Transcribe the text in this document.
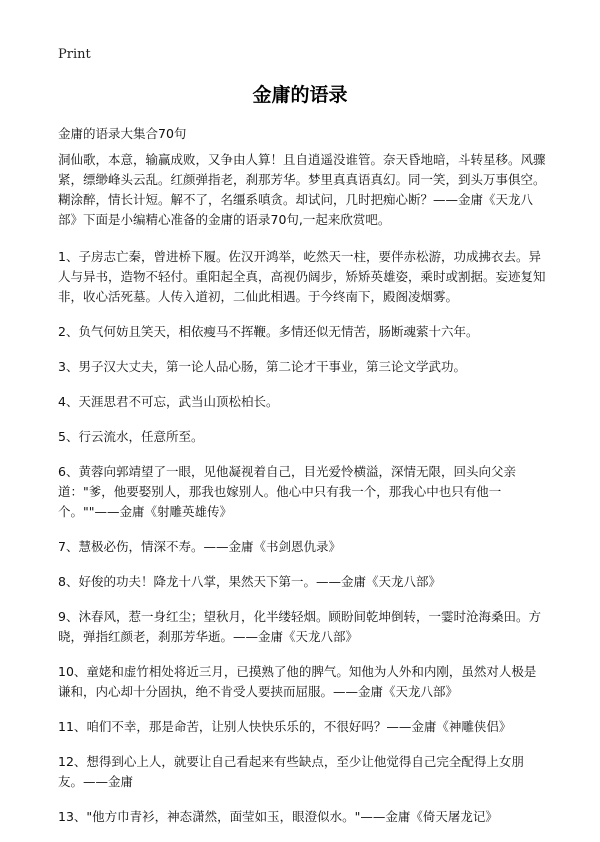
Print
金庸的语录

金庸的语录大集合70句

洞仙歌，本意，输赢成败，又争由人算！且自逍遥没谁管。奈天昏地暗，斗转星移。风骤紧，缥缈峰头云乱。红颜弹指老，刹那芳华。梦里真真语真幻。同一笑，到头万事俱空。糊涂醉，情长计短。解不了，名缰系嗔贪。却试问，几时把痴心断？——金庸《天龙八部》下面是小编精心准备的金庸的语录70句,一起来欣赏吧。

1、子房志亡秦，曾进桥下履。佐汉开鸿举，屹然天一柱，要伴赤松游，功成拂衣去。异人与异书，造物不轻付。重阳起全真，高视仍阔步，矫矫英雄姿，乘时或割据。妄迹复知非，收心活死墓。人传入道初，二仙此相遇。于今终南下，殿阁凌烟雾。

2、负气何妨且笑天，相依瘦马不挥鞭。多情还似无情苦，肠断魂萦十六年。

3、男子汉大丈夫，第一论人品心肠，第二论才干事业，第三论文学武功。

4、天涯思君不可忘，武当山顶松柏长。

5、行云流水，任意所至。

6、黄蓉向郭靖望了一眼，见他凝视着自己，目光爱怜横溢，深情无限，回头向父亲道："爹，他要娶别人，那我也嫁别人。他心中只有我一个，那我心中也只有他一个。""——金庸《射雕英雄传》

7、慧极必伤，情深不寿。——金庸《书剑恩仇录》

8、好俊的功夫！降龙十八掌，果然天下第一。——金庸《天龙八部》

9、沐春风，惹一身红尘；望秋月，化半缕轻烟。顾盼间乾坤倒转，一霎时沧海桑田。方晓，弹指红颜老，刹那芳华逝。——金庸《天龙八部》

10、童姥和虚竹相处将近三月，已摸熟了他的脾气。知他为人外和内刚，虽然对人极是谦和，内心却十分固执，绝不肯受人要挟而屈服。——金庸《天龙八部》

11、咱们不幸，那是命苦，让别人快快乐乐的，不很好吗？——金庸《神雕侠侣》

12、想得到心上人，就要让自己看起来有些缺点，至少让他觉得自己完全配得上女朋友。——金庸

13、"他方巾青衫，神态潇然，面莹如玉，眼澄似水。"——金庸《倚天屠龙记》
